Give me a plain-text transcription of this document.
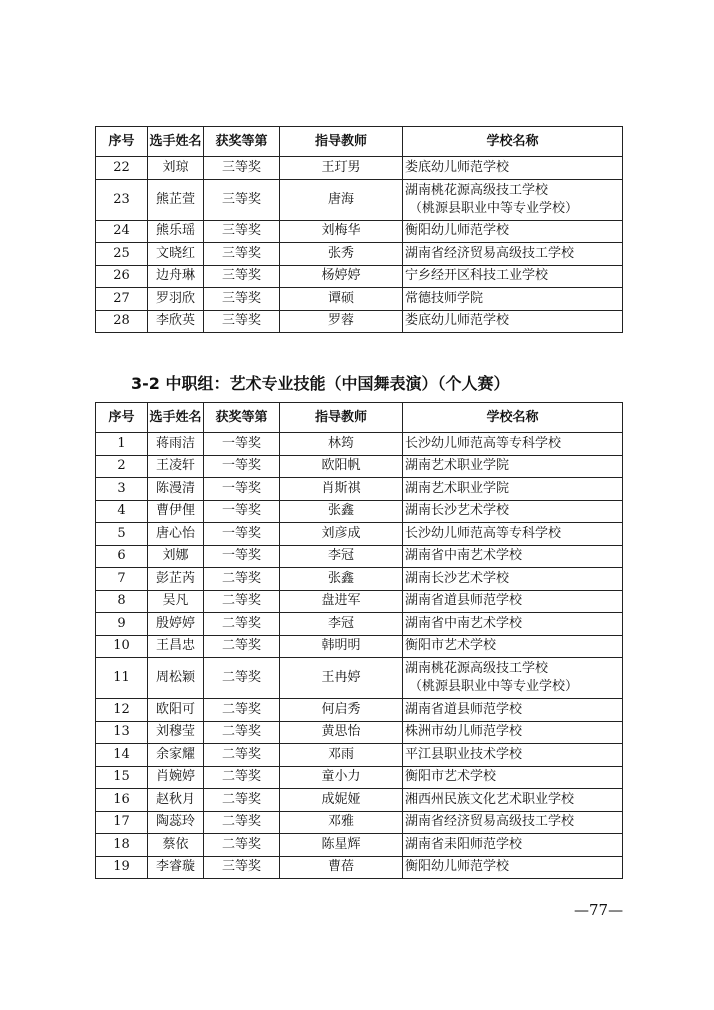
序号	选手姓名	获奖等第	指导教师	学校名称
22	刘琼	三等奖	王玎男	娄底幼儿师范学校

23	熊芷萱	三等奖	唐海	湖南桃花源高级技工学校
（桃源县职业中等专业学校）

24	熊乐瑶	三等奖	刘梅华	衡阳幼儿师范学校

25	文晓红	三等奖	张秀	湖南省经济贸易高级技工学校

26	边舟琳	三等奖	杨婷婷	宁乡经开区科技工业学校

27	罗羽欣	三等奖	谭硕	常德技师学院

28	李欣英	三等奖	罗蓉	娄底幼儿师范学校
3-2 中职组：艺术专业技能（中国舞表演）（个人赛）
序号	选手姓名	获奖等第	指导教师	学校名称
1	蒋雨洁	一等奖	林筠	长沙幼儿师范高等专科学校

2	王凌轩	一等奖	欧阳帆	湖南艺术职业学院

3	陈漫清	一等奖	肖斯祺	湖南艺术职业学院

4	曹伊俚	一等奖	张鑫	湖南长沙艺术学校

5	唐心怡	一等奖	刘彦成	长沙幼儿师范高等专科学校

6	刘娜	一等奖	李冠	湖南省中南艺术学校

7	彭芷芮	二等奖	张鑫	湖南长沙艺术学校

8	吴凡	二等奖	盘进军	湖南省道县师范学校

9	殷婷婷	二等奖	李冠	湖南省中南艺术学校

10	王昌忠	二等奖	韩明明	衡阳市艺术学校

11	周松颖	二等奖	王冉婷	湖南桃花源高级技工学校
（桃源县职业中等专业学校）

12	欧阳可	二等奖	何启秀	湖南省道县师范学校

13	刘穆莹	二等奖	黄思怡	株洲市幼儿师范学校

14	余家耀	二等奖	邓雨	平江县职业技术学校

15	肖婉婷	二等奖	童小力	衡阳市艺术学校

16	赵秋月	二等奖	成妮娅	湘西州民族文化艺术职业学校

17	陶蕊玲	二等奖	邓雅	湖南省经济贸易高级技工学校

18	蔡依	二等奖	陈星辉	湖南省耒阳师范学校

19	李睿璇	三等奖	曹蓓	衡阳幼儿师范学校
—77—
